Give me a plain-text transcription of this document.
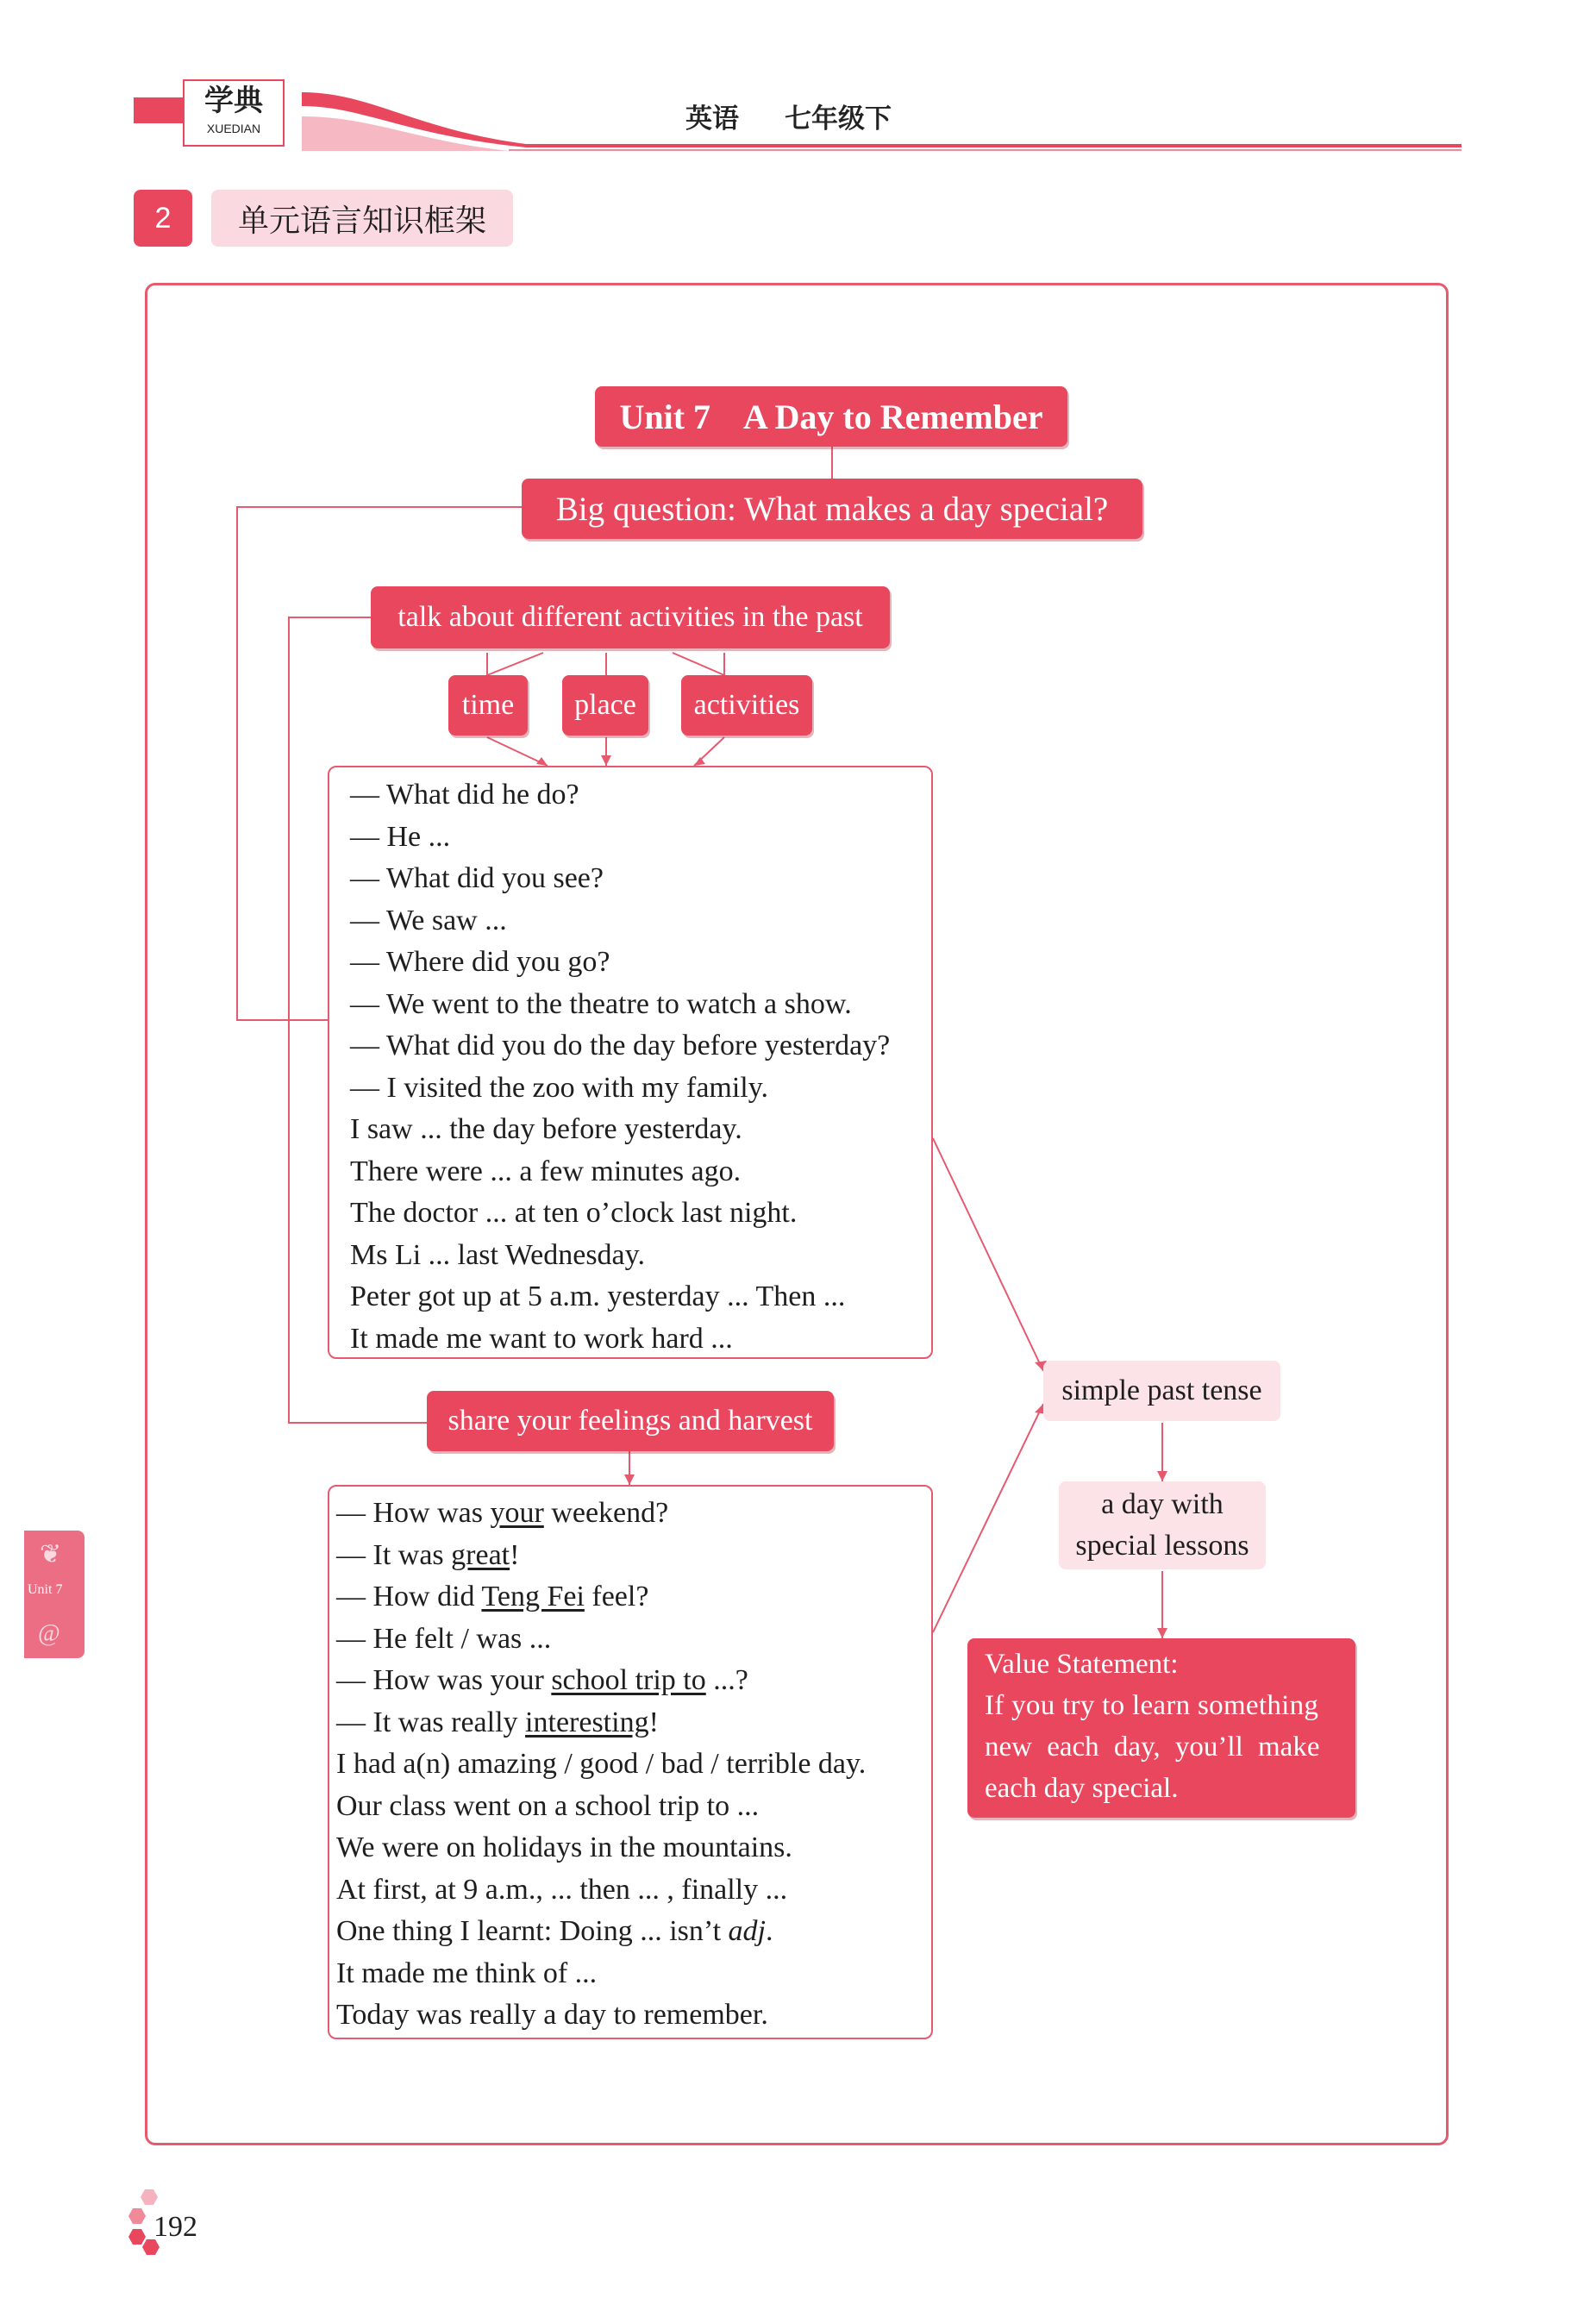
学典
XUEDIAN	英语 七年级下
2	单元语言知识框架
Unit 7
❦
@
Unit 7    A Day to Remember
Big question: What makes a day special?
talk about different activities in the past
time	place	activities
— What did he do?
— He ...
— What did you see?
— We saw ...
— Where did you go?
— We went to the theatre to watch a show.
— What did you do the day before yesterday?
— I visited the zoo with my family.
I saw ... the day before yesterday.
There were ... a few minutes ago.
The doctor ... at ten o’clock last night.
Ms Li ... last Wednesday.
Peter got up at 5 a.m. yesterday ... Then ...
It made me want to work hard ...
share your feelings and harvest
— How was your weekend?
— It was great!
— How did Teng Fei feel?
— He felt / was ...
— How was your school trip to ...?
— It was really interesting!
I had a(n) amazing / good / bad / terrible day.
Our class went on a school trip to ...
We were on holidays in the mountains.
At first, at 9 a.m., ... then ... , finally ...
One thing I learnt: Doing ... isn’t adj.
It made me think of ...
Today was really a day to remember.
simple past tense
a day with
special lessons
Value Statement:
If you try to learn something
new each day, you’ll make
each day special.
192
